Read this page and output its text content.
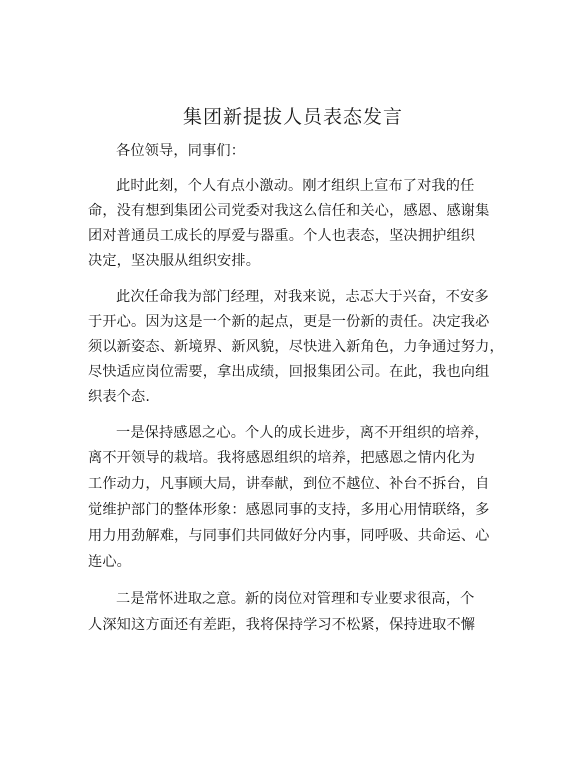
集团新提拔人员表态发言
各位领导，同事们：
此时此刻，个人有点小激动。刚才组织上宣布了对我的任
命，没有想到集团公司党委对我这么信任和关心，感恩、感谢集
团对普通员工成长的厚爱与器重。个人也表态，坚决拥护组织
决定，坚决服从组织安排。
此次任命我为部门经理，对我来说，忐忑大于兴奋，不安多
于开心。因为这是一个新的起点，更是一份新的责任。决定我必
须以新姿态、新境界、新风貌，尽快进入新角色，力争通过努力，
尽快适应岗位需要，拿出成绩，回报集团公司。在此，我也向组
织表个态.
一是保持感恩之心。个人的成长进步，离不开组织的培养，
离不开领导的栽培。我将感恩组织的培养，把感恩之情内化为
工作动力，凡事顾大局，讲奉献，到位不越位、补台不拆台，自
觉维护部门的整体形象：感恩同事的支持，多用心用情联络，多
用力用劲解难，与同事们共同做好分内事，同呼吸、共命运、心
连心。
二是常怀进取之意。新的岗位对管理和专业要求很高，个
人深知这方面还有差距，我将保持学习不松紧，保持进取不懈
